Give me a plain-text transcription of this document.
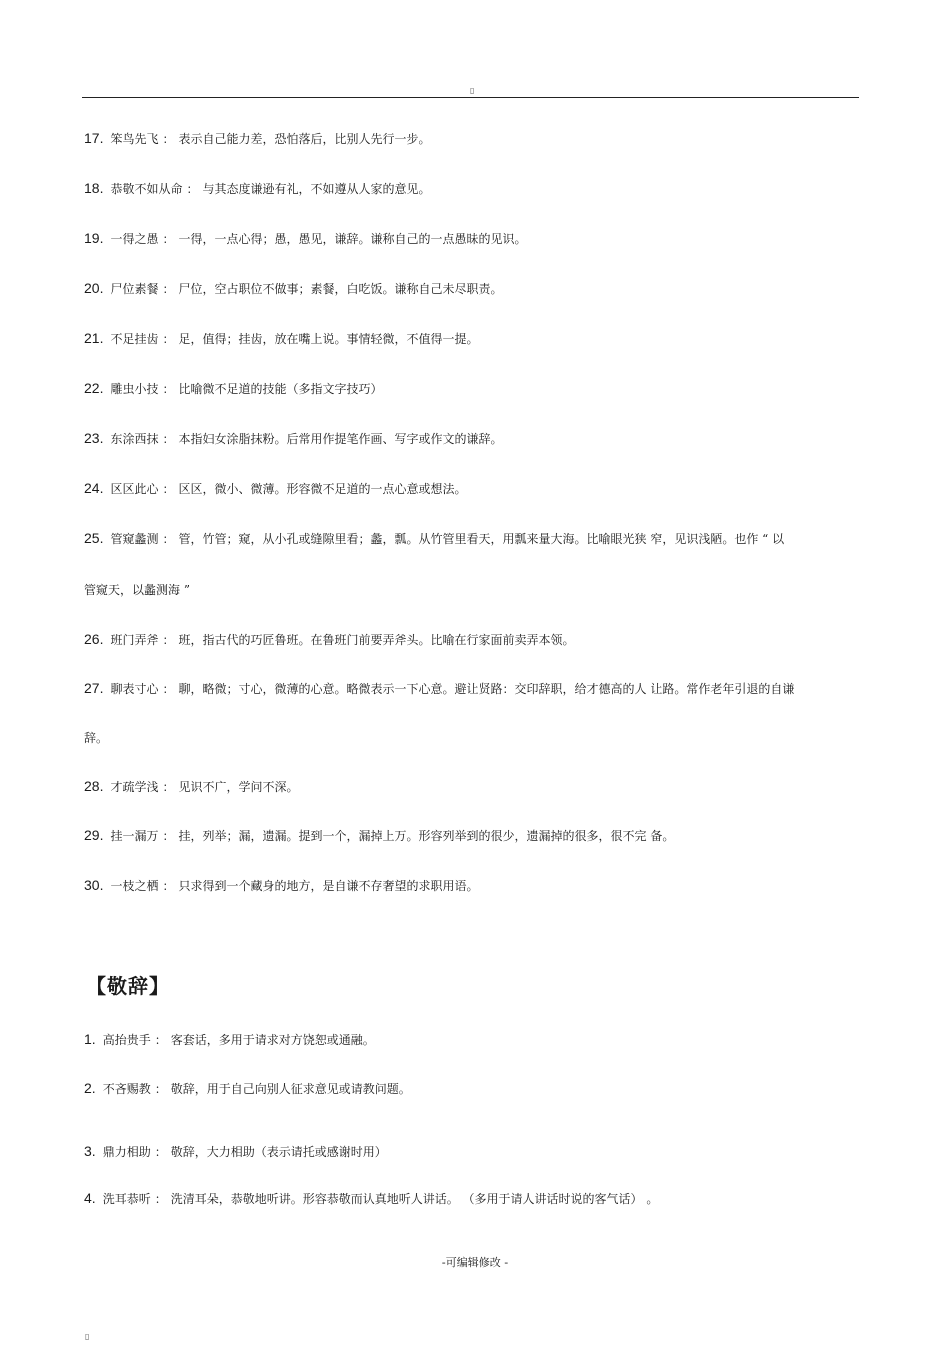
▯
17. 笨鸟先飞 ： 表示自己能力差，恐怕落后，比别人先行一步。
18. 恭敬不如从命 ： 与其态度谦逊有礼，不如遵从人家的意见。
19. 一得之愚 ： 一得，一点心得；愚，愚见，谦辞。谦称自己的一点愚昧的见识。
20. 尸位素餐 ： 尸位，空占职位不做事；素餐，白吃饭。谦称自己未尽职责。
21. 不足挂齿 ： 足，值得；挂齿，放在嘴上说。事情轻微，不值得一提。
22. 雕虫小技 ： 比喻微不足道的技能（多指文字技巧）
23. 东涂西抹 ： 本指妇女涂脂抹粉。后常用作提笔作画、写字或作文的谦辞。
24. 区区此心 ： 区区，微小、微薄。形容微不足道的一点心意或想法。
25. 管窥蠡测 ： 管，竹管；窥，从小孔或缝隙里看；蠡，瓢。从竹管里看天，用瓢来量大海。比喻眼光狭 窄，见识浅陋。也作 “ 以
管窥天，以蠡测海 ”
26. 班门弄斧 ： 班，指古代的巧匠鲁班。在鲁班门前要弄斧头。比喻在行家面前卖弄本领。
27. 聊表寸心 ： 聊，略微；寸心，微薄的心意。略微表示一下心意。避让贤路：交印辞职，给才德高的人 让路。常作老年引退的自谦
辞。
28. 才疏学浅 ： 见识不广，学问不深。
29. 挂一漏万 ： 挂，列举；漏，遗漏。提到一个，漏掉上万。形容列举到的很少，遗漏掉的很多，很不完 备。
30. 一枝之栖 ： 只求得到一个藏身的地方，是自谦不存奢望的求职用语。
【敬辞】
1. 高抬贵手 ： 客套话，多用于请求对方饶恕或通融。
2. 不吝赐教 ： 敬辞，用于自己向别人征求意见或请教问题。
3. 鼎力相助 ： 敬辞，大力相助（表示请托或感谢时用）
4. 洗耳恭听 ： 洗清耳朵，恭敬地听讲。形容恭敬而认真地听人讲话。 （多用于请人讲话时说的客气话） 。
-可编辑修改 -
▯
